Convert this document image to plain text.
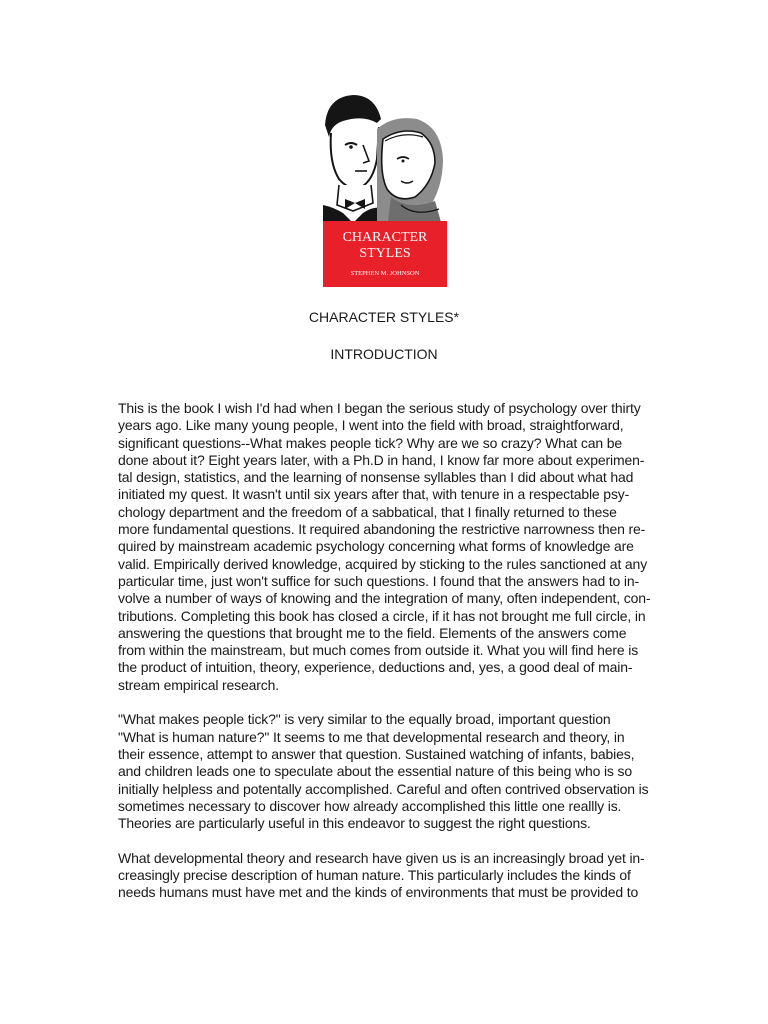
CHARACTER
STYLES
STEPHEN M. JOHNSON
CHARACTER STYLES*
INTRODUCTION

This is the book I wish I'd had when I began the serious study of psychology over thirty
years ago. Like many young people, I went into the field with broad, straightforward,
significant questions--What makes people tick? Why are we so crazy? What can be
done about it? Eight years later, with a Ph.D in hand, I know far more about experimen-
tal design, statistics, and the learning of nonsense syllables than I did about what had
initiated my quest. It wasn't until six years after that, with tenure in a respectable psy-
chology department and the freedom of a sabbatical, that I finally returned to these
more fundamental questions. It required abandoning the restrictive narrowness then re-
quired by mainstream academic psychology concerning what forms of knowledge are
valid. Empirically derived knowledge, acquired by sticking to the rules sanctioned at any
particular time, just won't suffice for such questions. I found that the answers had to in-
volve a number of ways of knowing and the integration of many, often independent, con-
tributions. Completing this book has closed a circle, if it has not brought me full circle, in
answering the questions that brought me to the field. Elements of the answers come
from within the mainstream, but much comes from outside it. What you will find here is
the product of intuition, theory, experience, deductions and, yes, a good deal of main-
stream empirical research.

"What makes people tick?" is very similar to the equally broad, important question
"What is human nature?" It seems to me that developmental research and theory, in
their essence, attempt to answer that question. Sustained watching of infants, babies,
and children leads one to speculate about the essential nature of this being who is so
initially helpless and potentally accomplished. Careful and often contrived observation is
sometimes necessary to discover how already accomplished this little one reallly is.
Theories are particularly useful in this endeavor to suggest the right questions.

What developmental theory and research have given us is an increasingly broad yet in-
creasingly precise description of human nature. This particularly includes the kinds of
needs humans must have met and the kinds of environments that must be provided to
